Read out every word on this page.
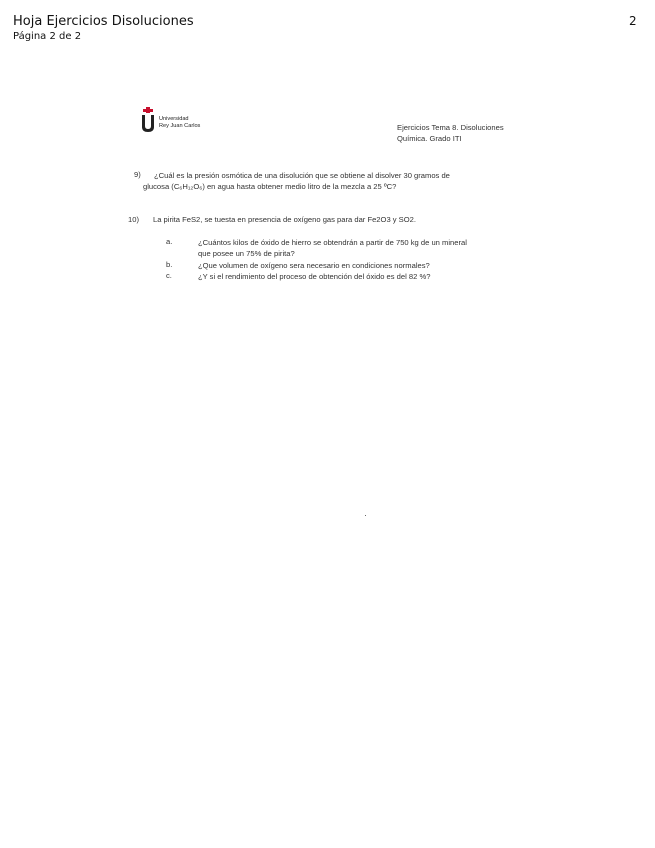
Hoja Ejercicios Disoluciones
Página 2 de 2
2
Universidad
Rey Juan Carlos	Ejercicios Tema 8. Disoluciones
Química. Grado ITI
9) ¿Cuál es la presión osmótica de una disolución que se obtiene al disolver 30 gramos de
glucosa (C₆H₁₂O₆) en agua hasta obtener medio litro de la mezcla a 25 ºC?
10) La pirita FeS2, se tuesta en presencia de oxígeno gas para dar Fe2O3 y SO2.
a.	¿Cuántos kilos de óxido de hierro se obtendrán a partir de 750 kg de un mineral
que posee un 75% de pirita?
b.	¿Que volumen de oxígeno sera necesario en condiciones normales?
c.	¿Y si el rendimiento del proceso de obtención del óxido es del 82 %?
